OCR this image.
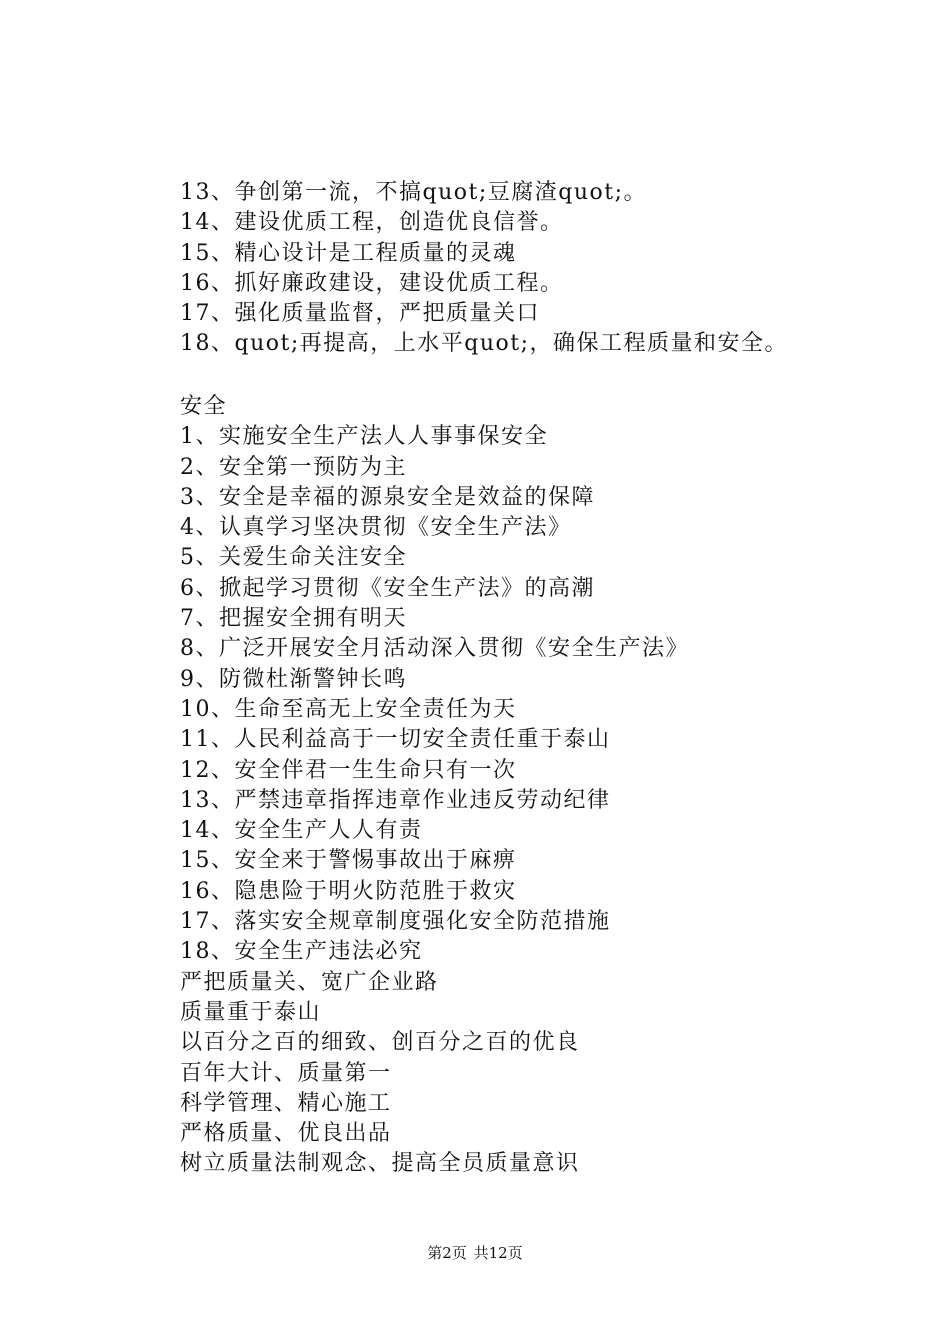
13、争创第一流，不搞quot;豆腐渣quot;。
14、建设优质工程，创造优良信誉。
15、精心设计是工程质量的灵魂
16、抓好廉政建设，建设优质工程。
17、强化质量监督，严把质量关口
18、quot;再提高，上水平quot;，确保工程质量和安全。
安全
1、实施安全生产法人人事事保安全
2、安全第一预防为主
3、安全是幸福的源泉安全是效益的保障
4、认真学习坚决贯彻《安全生产法》
5、关爱生命关注安全
6、掀起学习贯彻《安全生产法》的高潮
7、把握安全拥有明天
8、广泛开展安全月活动深入贯彻《安全生产法》
9、防微杜渐警钟长鸣
10、生命至高无上安全责任为天
11、人民利益高于一切安全责任重于泰山
12、安全伴君一生生命只有一次
13、严禁违章指挥违章作业违反劳动纪律
14、安全生产人人有责
15、安全来于警惕事故出于麻痹
16、隐患险于明火防范胜于救灾
17、落实安全规章制度强化安全防范措施
18、安全生产违法必究
严把质量关、宽广企业路
质量重于泰山
以百分之百的细致、创百分之百的优良
百年大计、质量第一
科学管理、精心施工
严格质量、优良出品
树立质量法制观念、提高全员质量意识
第2页 共12页
